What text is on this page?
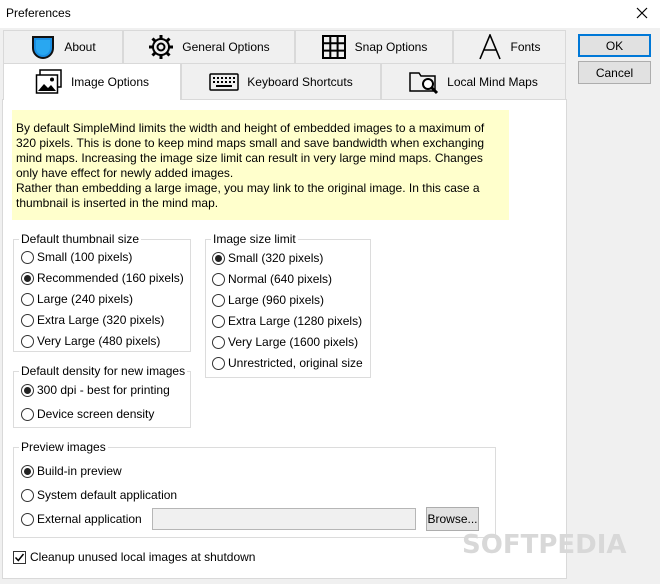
Preferences
About	General Options	Snap Options	Fonts
Image Options	Keyboard Shortcuts	Local Mind Maps
OK
Cancel

By default SimpleMind limits the width and height of embedded images to a maximum of 320 pixels. This is done to keep mind maps small and save bandwidth when exchanging mind maps. Increasing the image size limit can result in very large mind maps. Changes only have effect for newly added images.

Rather than embedding a large image, you may link to the original image. In this case a thumbnail is inserted in the mind map.

Default thumbnail size
Small (100 pixels)
Recommended (160 pixels)
Large (240 pixels)
Extra Large (320 pixels)
Very Large (480 pixels)
Image size limit
Small (320 pixels)
Normal (640 pixels)
Large (960 pixels)
Extra Large (1280 pixels)
Very Large (1600 pixels)
Unrestricted, original size
Default density for new images
300 dpi - best for printing
Device screen density
Preview images
Build-in preview
System default application
External application	Browse...
Cleanup unused local images at shutdown	SOFTPEDIA
